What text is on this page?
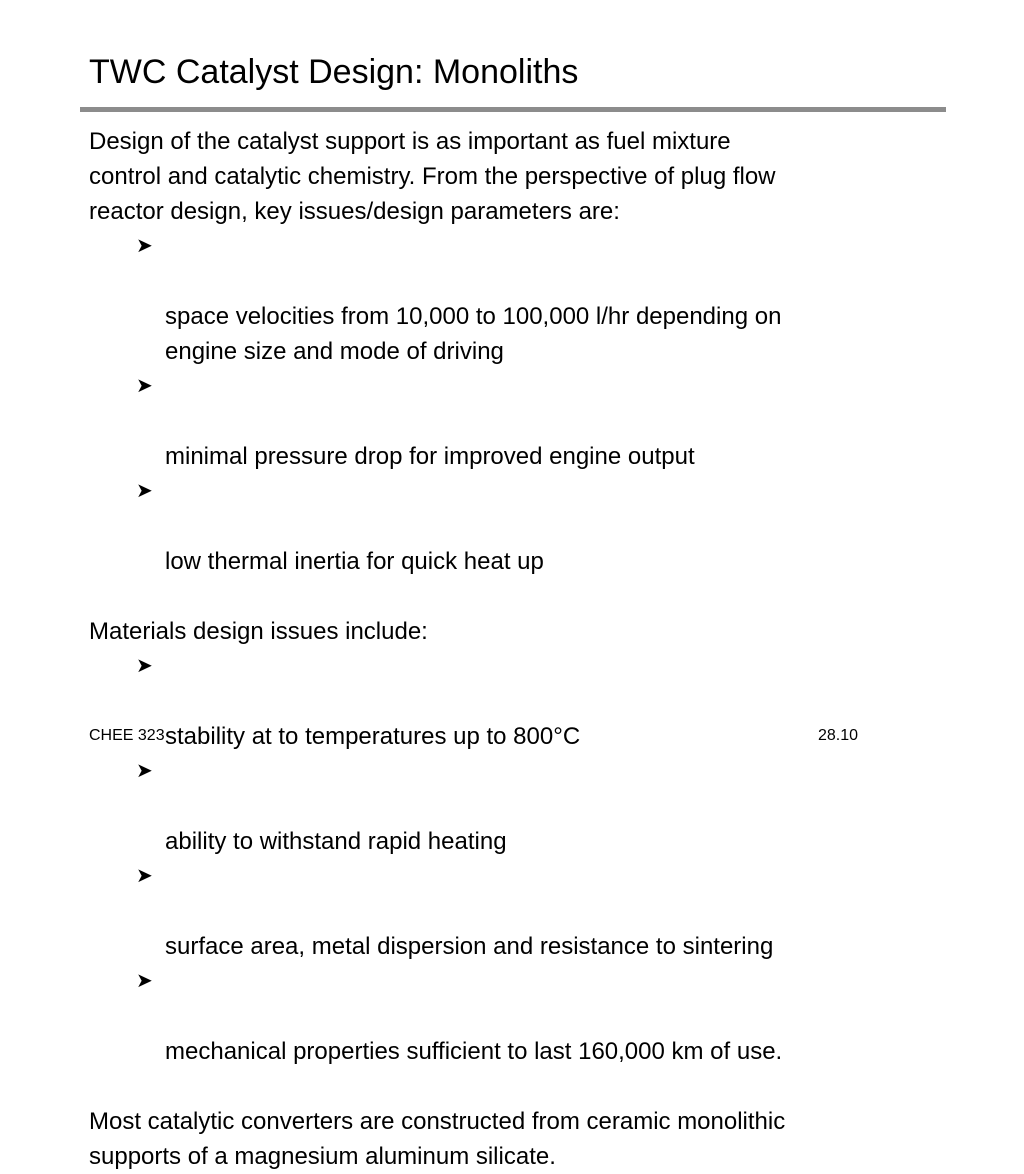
TWC Catalyst Design: Monoliths

Design of the catalyst support is as important as fuel mixture
control and catalytic chemistry. From the perspective of plug flow
reactor design, key issues/design parameters are:

➤

space velocities from 10,000 to 100,000 l/hr depending on
engine size and mode of driving

➤

minimal pressure drop for improved engine output

➤

low thermal inertia for quick heat up

Materials design issues include:

➤

stability at to temperatures up to 800°C

➤

ability to withstand rapid heating

➤

surface area, metal dispersion and resistance to sintering

➤

mechanical properties sufficient to last 160,000 km of use.

Most catalytic converters are constructed from ceramic monolithic
supports of a magnesium aluminum silicate.

CHEE 323	28.10
